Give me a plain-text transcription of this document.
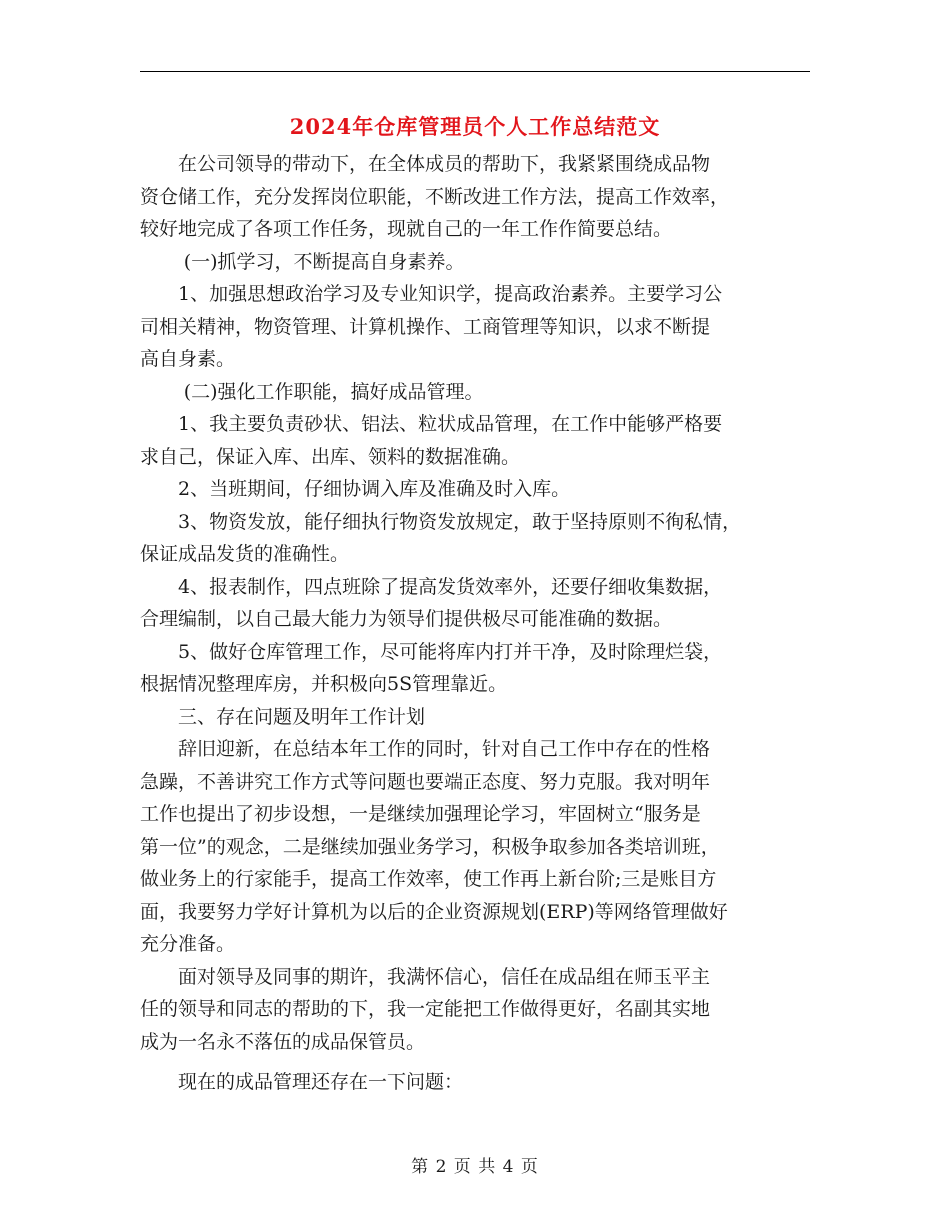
2024年仓库管理员个人工作总结范文

在公司领导的带动下，在全体成员的帮助下，我紧紧围绕成品物
资仓储工作，充分发挥岗位职能，不断改进工作方法，提高工作效率，
较好地完成了各项工作任务，现就自己的一年工作作简要总结。

(一)抓学习，不断提高自身素养。

1、加强思想政治学习及专业知识学，提高政治素养。主要学习公
司相关精神，物资管理、计算机操作、工商管理等知识，以求不断提
高自身素。

(二)强化工作职能，搞好成品管理。

1、我主要负责砂状、铝法、粒状成品管理，在工作中能够严格要
求自己，保证入库、出库、领料的数据准确。

2、当班期间，仔细协调入库及准确及时入库。

3、物资发放，能仔细执行物资发放规定，敢于坚持原则不徇私情，
保证成品发货的准确性。

4、报表制作，四点班除了提高发货效率外，还要仔细收集数据，
合理编制，以自己最大能力为领导们提供极尽可能准确的数据。

5、做好仓库管理工作，尽可能将库内打并干净，及时除理烂袋，
根据情况整理库房，并积极向5S管理靠近。

三、存在问题及明年工作计划

辞旧迎新，在总结本年工作的同时，针对自己工作中存在的性格
急躁，不善讲究工作方式等问题也要端正态度、努力克服。我对明年
工作也提出了初步设想，一是继续加强理论学习，牢固树立“服务是
第一位”的观念，二是继续加强业务学习，积极争取参加各类培训班，
做业务上的行家能手，提高工作效率，使工作再上新台阶;三是账目方
面，我要努力学好计算机为以后的企业资源规划(ERP)等网络管理做好
充分准备。

面对领导及同事的期许，我满怀信心，信任在成品组在师玉平主
任的领导和同志的帮助的下，我一定能把工作做得更好，名副其实地
成为一名永不落伍的成品保管员。

现在的成品管理还存在一下问题：

第 2 页 共 4 页
